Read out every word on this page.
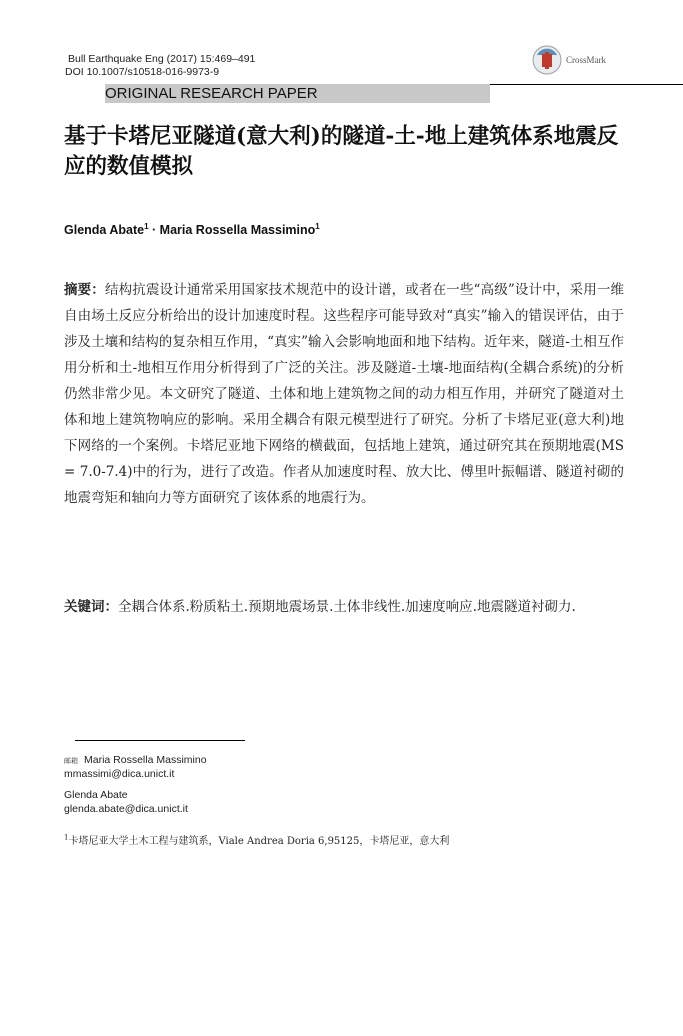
Bull Earthquake Eng (2017) 15:469–491
DOI 10.1007/s10518-016-9973-9
CrossMark
ORIGINAL RESEARCH PAPER
基于卡塔尼亚隧道(意大利)的隧道-土-地上建筑体系地震反应的数值模拟
Glenda Abate$^1$ · Maria Rossella Massimino$^1$
摘要：结构抗震设计通常采用国家技术规范中的设计谱，或者在一些“高级”设计中，采用一维自由场土反应分析给出的设计加速度时程。这些程序可能导致对“真实”输入的错误评估，由于涉及土壤和结构的复杂相互作用，“真实”输入会影响地面和地下结构。近年来，隧道-土相互作用分析和土-地相互作用分析得到了广泛的关注。涉及隧道-土壤-地面结构(全耦合系统)的分析仍然非常少见。本文研究了隧道、土体和地上建筑物之间的动力相互作用，并研究了隧道对土体和地上建筑物响应的影响。采用全耦合有限元模型进行了研究。分析了卡塔尼亚(意大利)地下网络的一个案例。卡塔尼亚地下网络的横截面，包括地上建筑，通过研究其在预期地震(MS = 7.0-7.4)中的行为，进行了改造。作者从加速度时程、放大比、傅里叶振幅谱、隧道衬砌的地震弯矩和轴向力等方面研究了该体系的地震行为。
关键词：全耦合体系.粉质粘土.预期地震场景.土体非线性.加速度响应.地震隧道衬砌力.
邮箱 Maria Rossella Massimino
mmassimi@dica.unict.it
Glenda Abate
glenda.abate@dica.unict.it
$^1$卡塔尼亚大学土木工程与建筑系，Viale Andrea Doria 6,95125，卡塔尼亚，意大利
